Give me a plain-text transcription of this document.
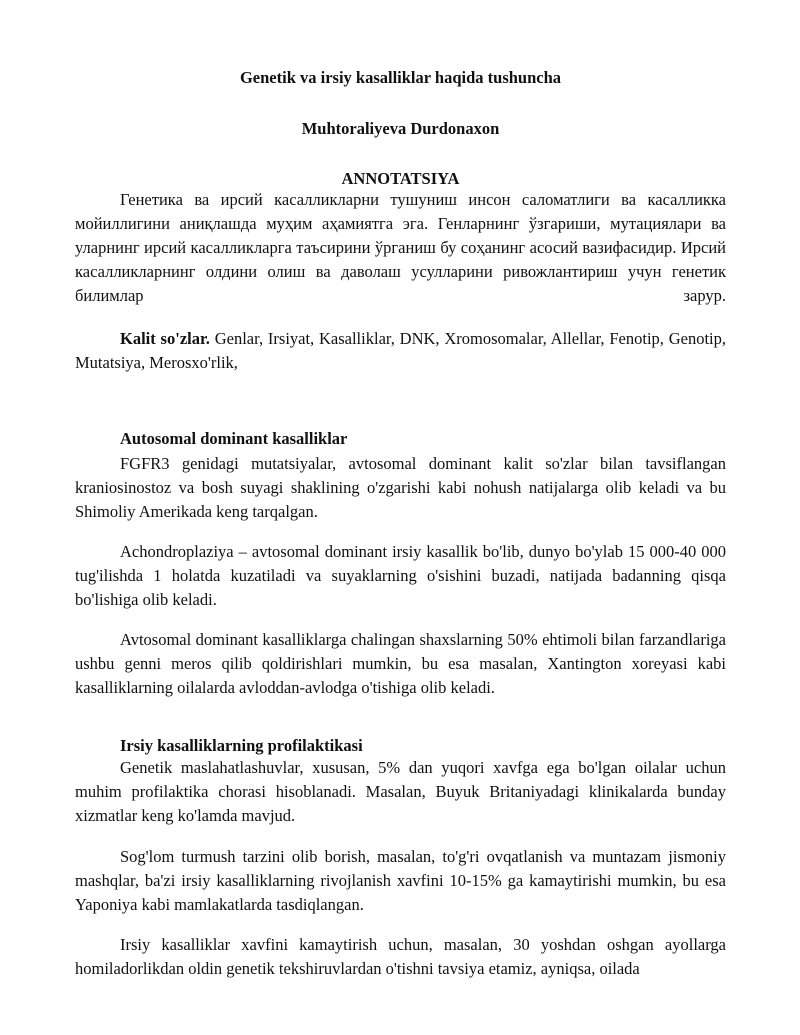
Genetik va irsiy kasalliklar haqida tushuncha
Muhtoraliyeva Durdonaxon
ANNOTATSIYA

Генетика ва ирсий касалликларни тушуниш инсон саломатлиги ва касалликка мойиллигини аниқлашда муҳим аҳамиятга эга. Генларнинг ўзгариши, мутациялари ва уларнинг ирсий касалликларга таъсирини ўрганиш бу соҳанинг асосий вазифасидир. Ирсий касалликларнинг олдини олиш ва даволаш усулларини ривожлантириш учун генетик билимлар зарур.

Kalit so'zlar. Genlar, Irsiyat, Kasalliklar, DNK, Xromosomalar, Allellar, Fenotip, Genotip, Mutatsiya, Merosxo'rlik,

Autosomal dominant kasalliklar

FGFR3 genidagi mutatsiyalar, avtosomal dominant kalit so'zlar bilan tavsiflangan kraniosinostoz va bosh suyagi shaklining o'zgarishi kabi nohush natijalarga olib keladi va bu Shimoliy Amerikada keng tarqalgan.

Achondroplaziya – avtosomal dominant irsiy kasallik bo'lib, dunyo bo'ylab 15 000-40 000 tug'ilishda 1 holatda kuzatiladi va suyaklarning o'sishini buzadi, natijada badanning qisqa bo'lishiga olib keladi.

Avtosomal dominant kasalliklarga chalingan shaxslarning 50% ehtimoli bilan farzandlariga ushbu genni meros qilib qoldirishlari mumkin, bu esa masalan, Xantington xoreyasi kabi kasalliklarning oilalarda avloddan-avlodga o'tishiga olib keladi.

Irsiy kasalliklarning profilaktikasi

Genetik maslahatlashuvlar, xususan, 5% dan yuqori xavfga ega bo'lgan oilalar uchun muhim profilaktika chorasi hisoblanadi. Masalan, Buyuk Britaniyadagi klinikalarda bunday xizmatlar keng ko'lamda mavjud.

Sog'lom turmush tarzini olib borish, masalan, to'g'ri ovqatlanish va muntazam jismoniy mashqlar, ba'zi irsiy kasalliklarning rivojlanish xavfini 10-15% ga kamaytirishi mumkin, bu esa Yaponiya kabi mamlakatlarda tasdiqlangan.

Irsiy kasalliklar xavfini kamaytirish uchun, masalan, 30 yoshdan oshgan ayollarga homiladorlikdan oldin genetik tekshiruvlardan o'tishni tavsiya etamiz, ayniqsa, oilada
